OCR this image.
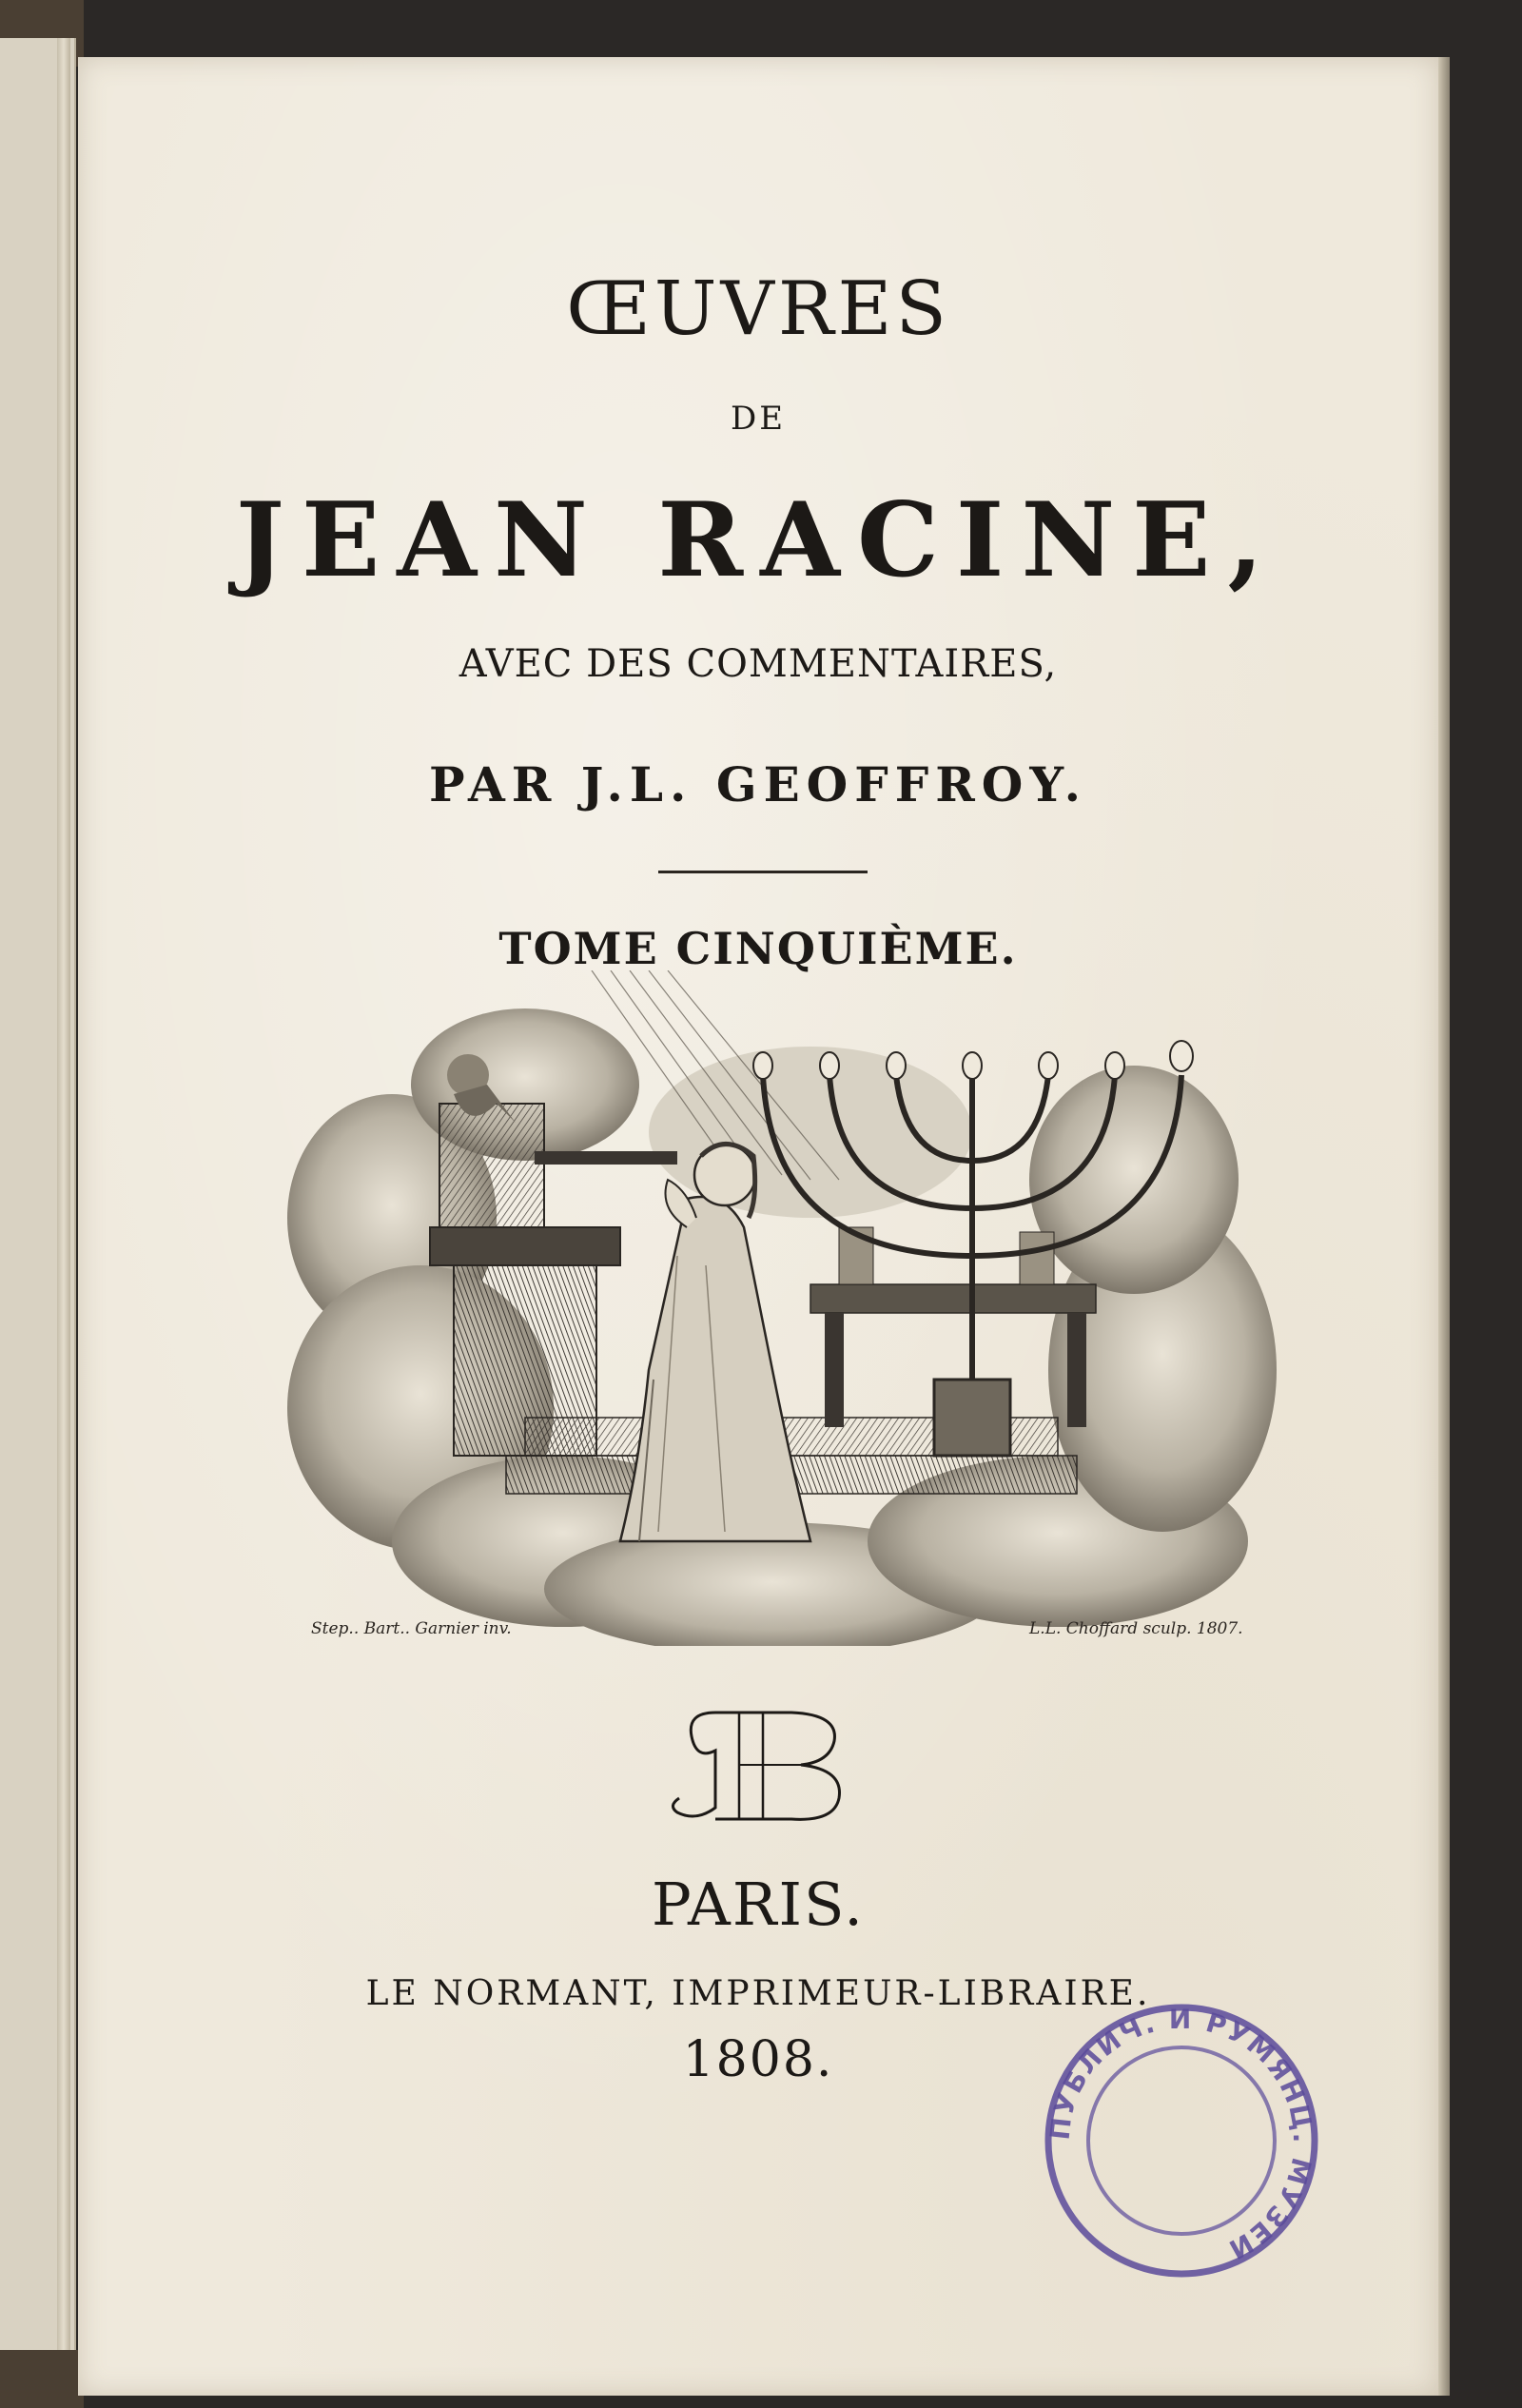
ŒUVRES
DE
JEAN RACINE,
AVEC DES COMMENTAIRES,
PAR J.L. GEOFFROY.
TOME CINQUIÈME.
Step.. Bart.. Garnier inv.	L.L. Choffard sculp. 1807.
PARIS.
LE NORMANT, IMPRIMEUR-LIBRAIRE.
1808.
ПУБЛИЧ. И РУМЯНЦ. МУЗЕИ
